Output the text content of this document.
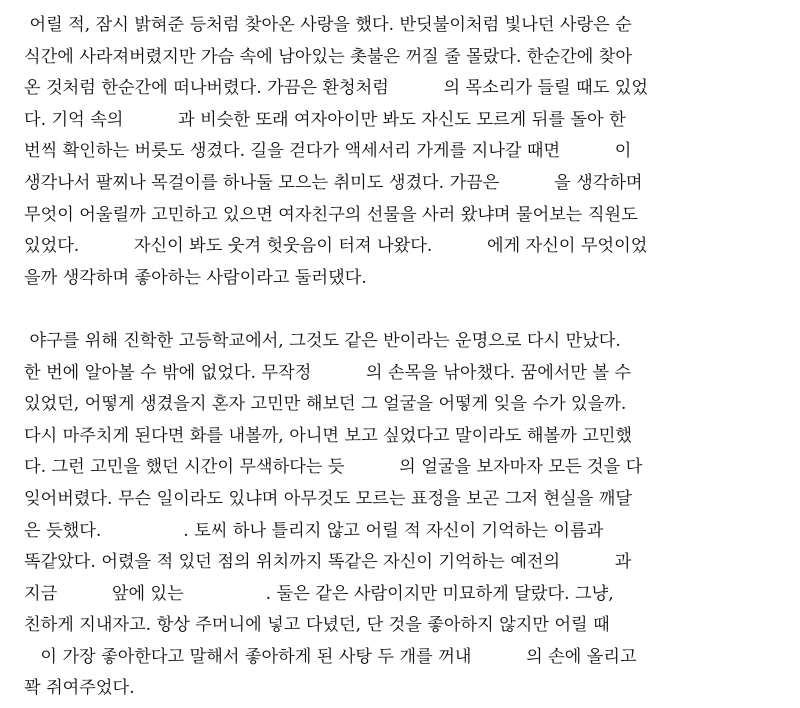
어릴 적, 잠시 밝혀준 등처럼 찾아온 사랑을 했다. 반딧불이처럼 빛나던 사랑은 순
식간에 사라져버렸지만 가슴 속에 남아있는 촛불은 꺼질 줄 몰랐다. 한순간에 찾아
온 것처럼 한순간에 떠나버렸다. 가끔은 환청처럼          의 목소리가 들릴 때도 있었
다. 기억 속의          과 비슷한 또래 여자아이만 봐도 자신도 모르게 뒤를 돌아 한
번씩 확인하는 버릇도 생겼다. 길을 걷다가 액세서리 가게를 지나갈 때면          이
생각나서 팔찌나 목걸이를 하나둘 모으는 취미도 생겼다. 가끔은          을 생각하며
무엇이 어울릴까 고민하고 있으면 여자친구의 선물을 사러 왔냐며 물어보는 직원도
있었다.          자신이 봐도 웃겨 헛웃음이 터져 나왔다.          에게 자신이 무엇이었
을까 생각하며 좋아하는 사람이라고 둘러댔다.
야구를 위해 진학한 고등학교에서, 그것도 같은 반이라는 운명으로 다시 만났다.
한 번에 알아볼 수 밖에 없었다. 무작정          의 손목을 낚아챘다. 꿈에서만 볼 수
있었던, 어떻게 생겼을지 혼자 고민만 해보던 그 얼굴을 어떻게 잊을 수가 있을까.
다시 마주치게 된다면 화를 내볼까, 아니면 보고 싶었다고 말이라도 해볼까 고민했
다. 그런 고민을 했던 시간이 무색하다는 듯          의 얼굴을 보자마자 모든 것을 다
잊어버렸다. 무슨 일이라도 있냐며 아무것도 모르는 표정을 보곤 그저 현실을 깨달
은 듯했다.               . 토씨 하나 틀리지 않고 어릴 적 자신이 기억하는 이름과
똑같았다. 어렸을 적 있던 점의 위치까지 똑같은 자신이 기억하는 예전의          과
지금          앞에 있는               . 둘은 같은 사람이지만 미묘하게 달랐다. 그냥,
친하게 지내자고. 항상 주머니에 넣고 다녔던, 단 것을 좋아하지 않지만 어릴 때
이 가장 좋아한다고 말해서 좋아하게 된 사탕 두 개를 꺼내          의 손에 올리고
꽉 쥐여주었다.
